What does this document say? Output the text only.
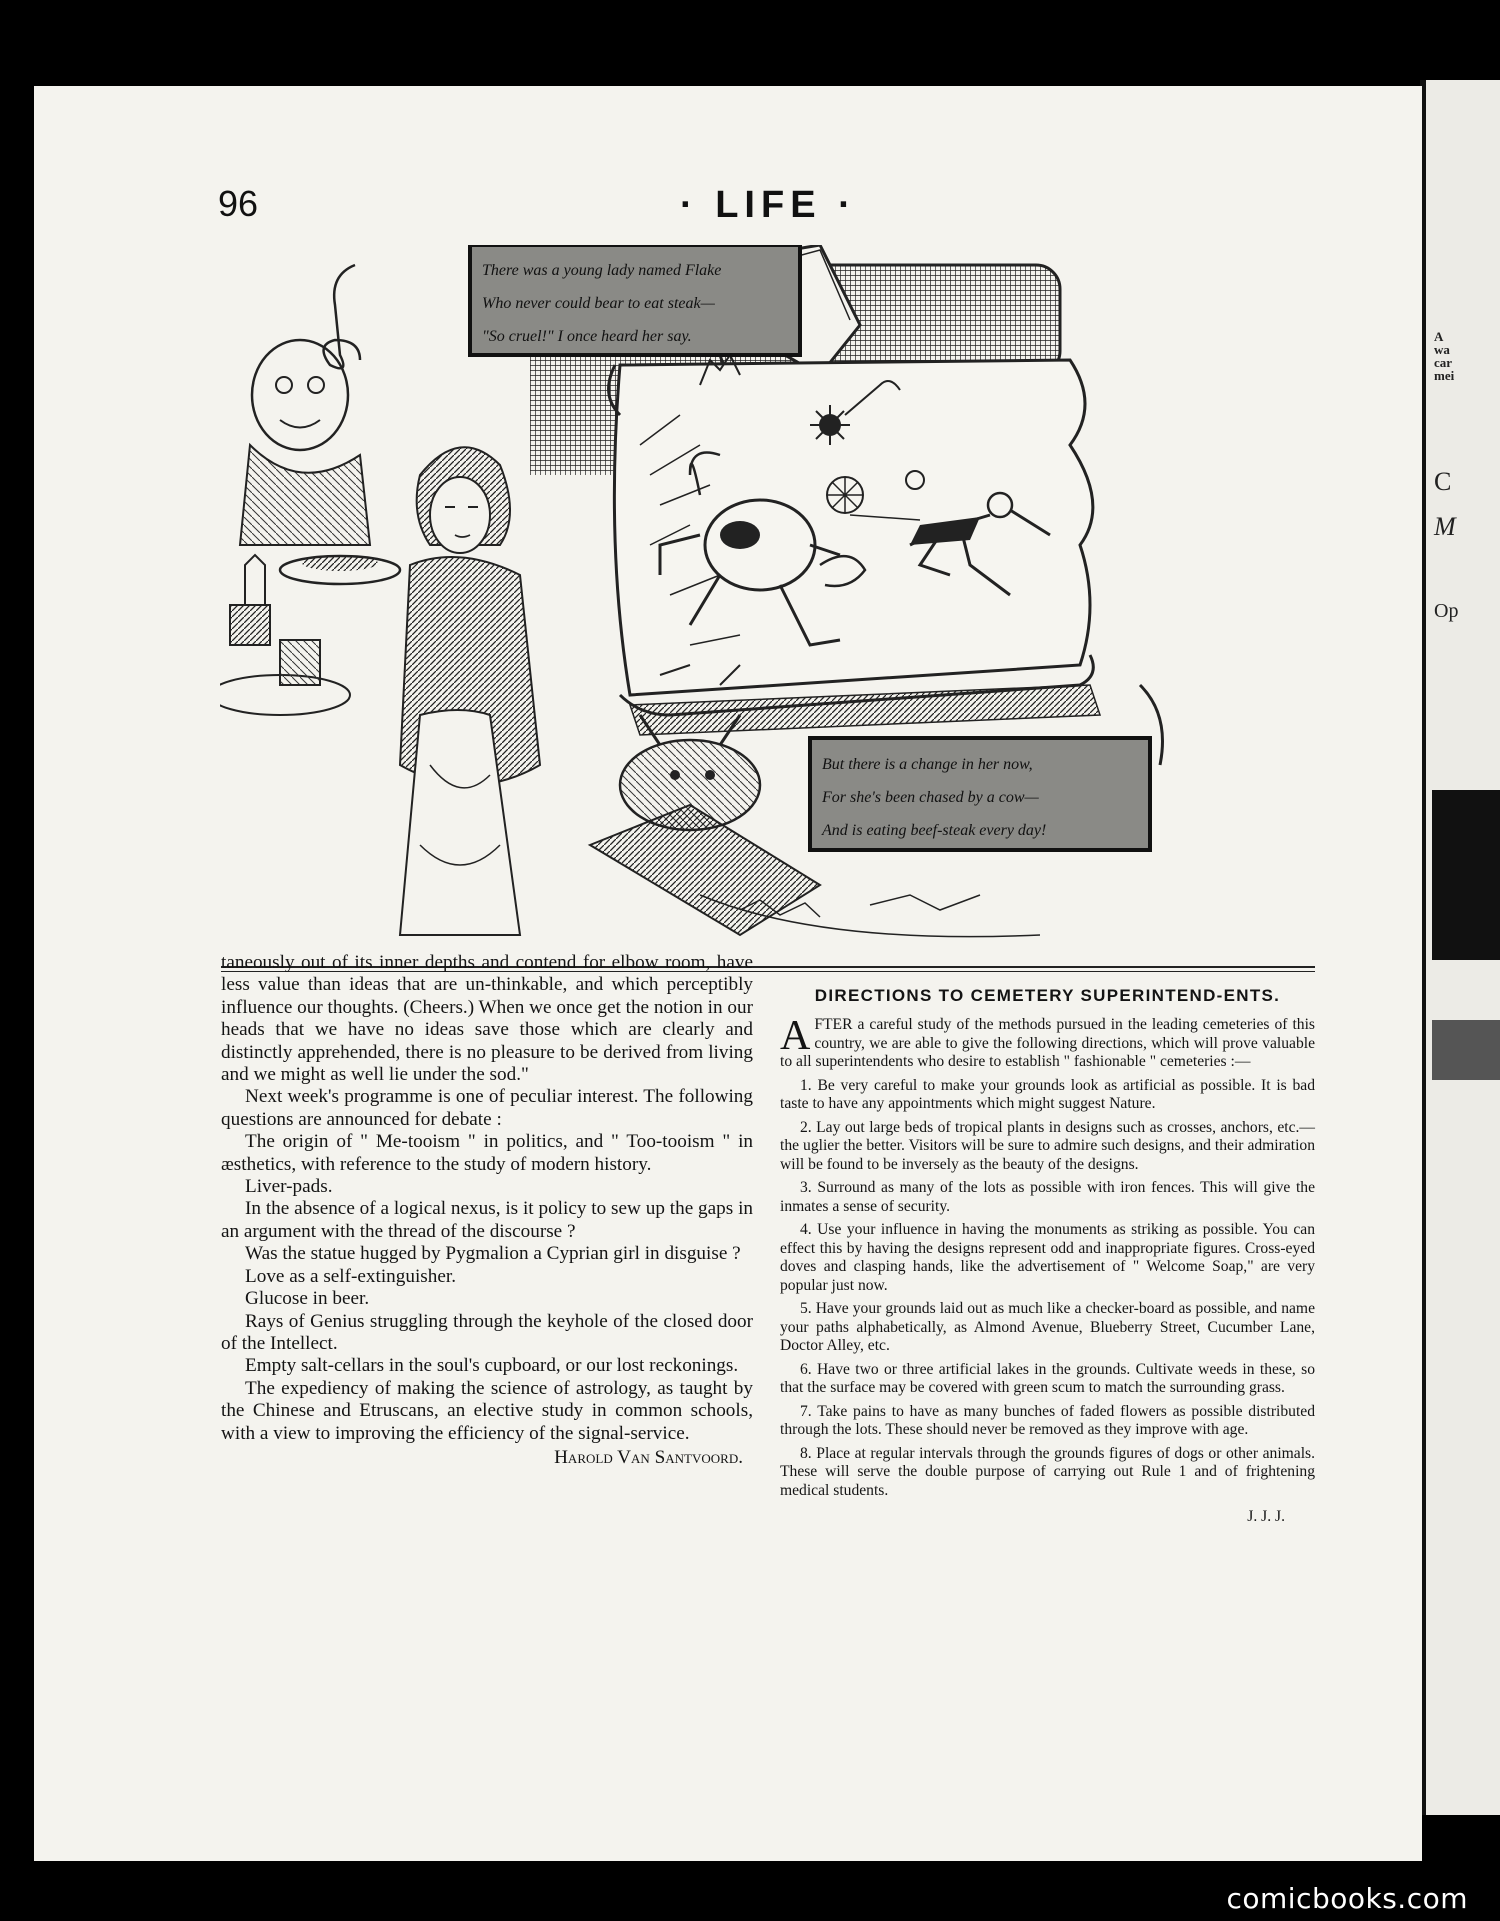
A
wa
car
mei
C
M
Op
96	· LIFE ·
There was a young lady named Flake
Who never could bear to eat steak—
"So cruel!" I once heard her say.
But there is a change in her now,
For she's been chased by a cow—
And is eating beef-steak every day!

taneously out of its inner depths and contend for elbow room, have less value than ideas that are un-thinkable, and which perceptibly influence our thoughts. (Cheers.) When we once get the notion in our heads that we have no ideas save those which are clearly and distinctly apprehended, there is no pleasure to be derived from living and we might as well lie under the sod."

Next week's programme is one of peculiar interest. The following questions are announced for debate :

The origin of " Me-tooism " in politics, and " Too-tooism " in æsthetics, with reference to the study of modern history.

Liver-pads.

In the absence of a logical nexus, is it policy to sew up the gaps in an argument with the thread of the discourse ?

Was the statue hugged by Pygmalion a Cyprian girl in disguise ?

Love as a self-extinguisher.

Glucose in beer.

Rays of Genius struggling through the keyhole of the closed door of the Intellect.

Empty salt-cellars in the soul's cupboard, or our lost reckonings.

The expediency of making the science of astrology, as taught by the Chinese and Etruscans, an elective study in common schools, with a view to improving the efficiency of the signal-service.

Harold Van Santvoord.

DIRECTIONS TO CEMETERY SUPERINTEND-ENTS.

AFTER a careful study of the methods pursued in the leading cemeteries of this country, we are able to give the following directions, which will prove valuable to all superintendents who desire to establish " fashionable " cemeteries :—

1. Be very careful to make your grounds look as artificial as possible. It is bad taste to have any appointments which might suggest Nature.

2. Lay out large beds of tropical plants in designs such as crosses, anchors, etc.—the uglier the better. Visitors will be sure to admire such designs, and their admiration will be found to be inversely as the beauty of the designs.

3. Surround as many of the lots as possible with iron fences. This will give the inmates a sense of security.

4. Use your influence in having the monuments as striking as possible. You can effect this by having the designs represent odd and inappropriate figures. Cross-eyed doves and clasping hands, like the advertisement of " Welcome Soap," are very popular just now.

5. Have your grounds laid out as much like a checker-board as possible, and name your paths alphabetically, as Almond Avenue, Blueberry Street, Cucumber Lane, Doctor Alley, etc.

6. Have two or three artificial lakes in the grounds. Cultivate weeds in these, so that the surface may be covered with green scum to match the surrounding grass.

7. Take pains to have as many bunches of faded flowers as possible distributed through the lots. These should never be removed as they improve with age.

8. Place at regular intervals through the grounds figures of dogs or other animals. These will serve the double purpose of carrying out Rule 1 and of frightening medical students.

J. J. J.

comicbooks.com
